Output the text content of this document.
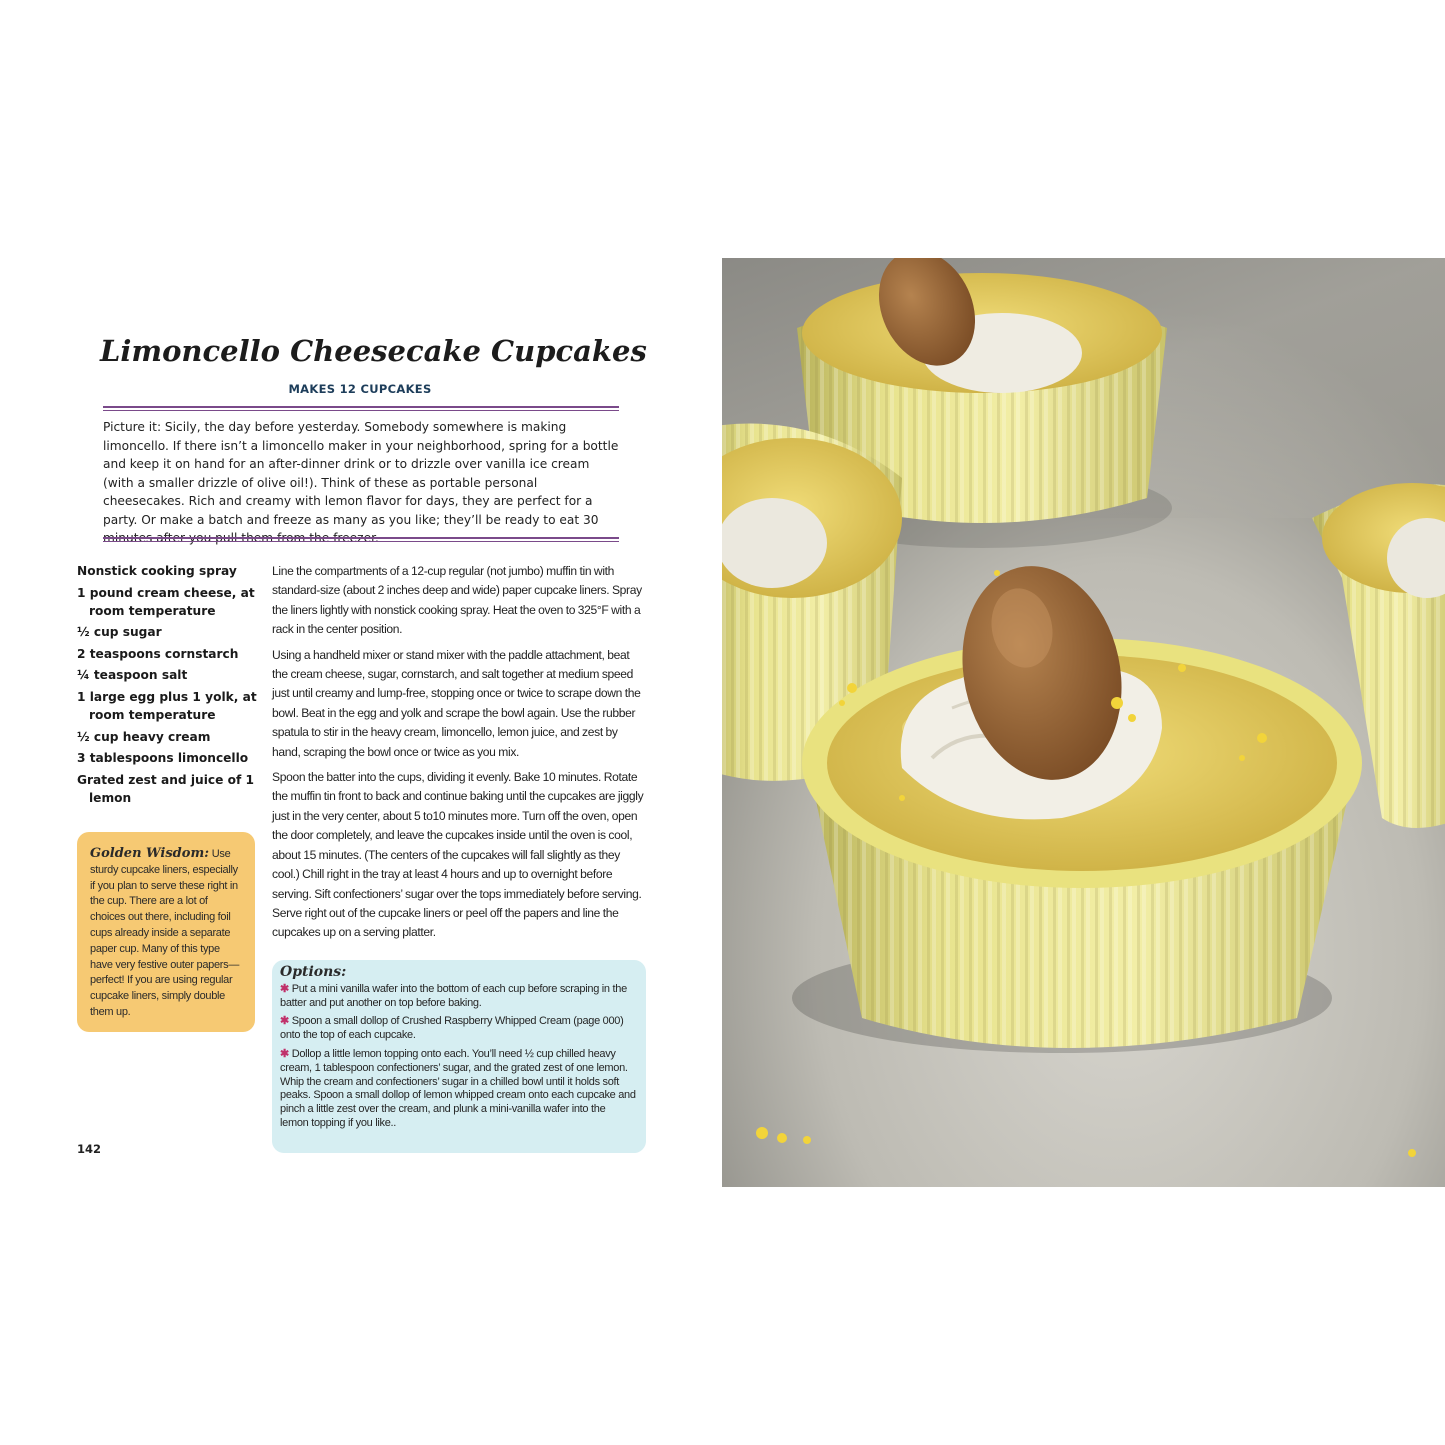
Limoncello Cheesecake Cupcakes
MAKES 12 CUPCAKES

Picture it: Sicily, the day before yesterday. Somebody somewhere is making limoncello. If there isn’t a limoncello maker in your neighborhood, spring for a bottle and keep it on hand for an after-dinner drink or to drizzle over vanilla ice cream (with a smaller drizzle of olive oil!). Think of these as portable personal cheesecakes. Rich and creamy with lemon flavor for days, they are perfect for a party. Or make a batch and freeze as many as you like; they’ll be ready to eat 30 minutes after you pull them from the freezer.

Nonstick cooking spray
1 pound cream cheese, at room temperature
½ cup sugar
2 teaspoons cornstarch
¼ teaspoon salt
1 large egg plus 1 yolk, at room temperature
½ cup heavy cream
3 tablespoons limoncello
Grated zest and juice of 1 lemon

Line the compartments of a 12-cup regular (not jumbo) muffin tin with standard-size (about 2 inches deep and wide) paper cupcake liners. Spray the liners lightly with nonstick cooking spray. Heat the oven to 325°F with a rack in the center position.

Using a handheld mixer or stand mixer with the paddle attachment, beat the cream cheese, sugar, cornstarch, and salt together at medium speed just until creamy and lump-free, stopping once or twice to scrape down the bowl. Beat in the egg and yolk and scrape the bowl again. Use the rubber spatula to stir in the heavy cream, limoncello, lemon juice, and zest by hand, scraping the bowl once or twice as you mix.

Spoon the batter into the cups, dividing it evenly. Bake 10 minutes. Rotate the muffin tin front to back and continue baking until the cupcakes are jiggly just in the very center, about 5 to10 minutes more. Turn off the oven, open the door completely, and leave the cupcakes inside until the oven is cool, about 15 minutes. (The centers of the cupcakes will fall slightly as they cool.) Chill right in the tray at least 4 hours and up to overnight before serving. Sift confectioners’ sugar over the tops immediately before serving. Serve right out of the cupcake liners or peel off the papers and line the cupcakes up on a serving platter.

Golden Wisdom: Use sturdy cupcake liners, especially if you plan to serve these right in the cup. There are a lot of choices out there, including foil cups already inside a separate paper cup. Many of this type have very festive outer papers—perfect! If you are using regular cupcake liners, simply double them up.
Options:
✱ Put a mini vanilla wafer into the bottom of each cup before scraping in the batter and put another on top before baking.
✱ Spoon a small dollop of Crushed Raspberry Whipped Cream (page 000) onto the top of each cupcake.
✱ Dollop a little lemon topping onto each. You’ll need ½ cup chilled heavy cream, 1 tablespoon confectioners’ sugar, and the grated zest of one lemon. Whip the cream and confectioners’ sugar in a chilled bowl until it holds soft peaks. Spoon a small dollop of lemon whipped cream onto each cupcake and pinch a little zest over the cream, and plunk a mini-vanilla wafer into the lemon topping if you like..
142
